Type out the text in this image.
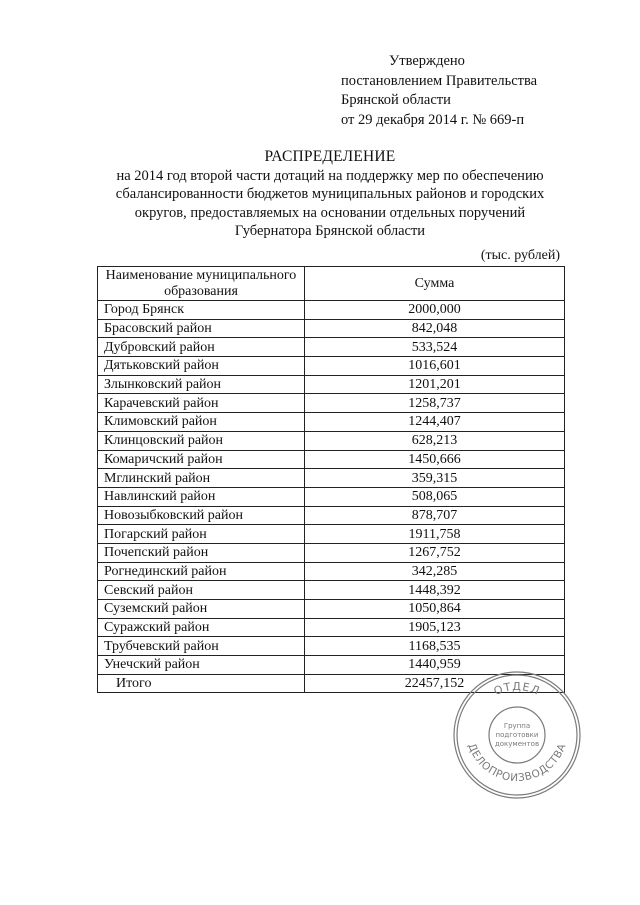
Утверждено
постановлением Правительства
Брянской области
от 29 декабря 2014 г. № 669-п
РАСПРЕДЕЛЕНИЕ
на 2014 год второй части дотаций на поддержку мер по обеспечению
сбалансированности бюджетов муниципальных районов и городских
округов, предоставляемых на основании отдельных поручений
Губернатора Брянской области
(тыс. рублей)
Наименование муниципального образования	Сумма
Город Брянск	2000,000
Брасовский район	842,048
Дубровский район	533,524
Дятьковский район	1016,601
Злынковский район	1201,201
Карачевский район	1258,737
Климовский район	1244,407
Клинцовский район	628,213
Комаричский район	1450,666
Мглинский район	359,315
Навлинский район	508,065
Новозыбковский район	878,707
Погарский район	1911,758
Почепский район	1267,752
Рогнединский район	342,285
Севский район	1448,392
Суземский район	1050,864
Суражский район	1905,123
Трубчевский район	1168,535
Унечский район	1440,959
Итого	22457,152	ОТДЕЛ
ДЕЛОПРОИЗВОДСТВА
Группа
подготовки
документов
